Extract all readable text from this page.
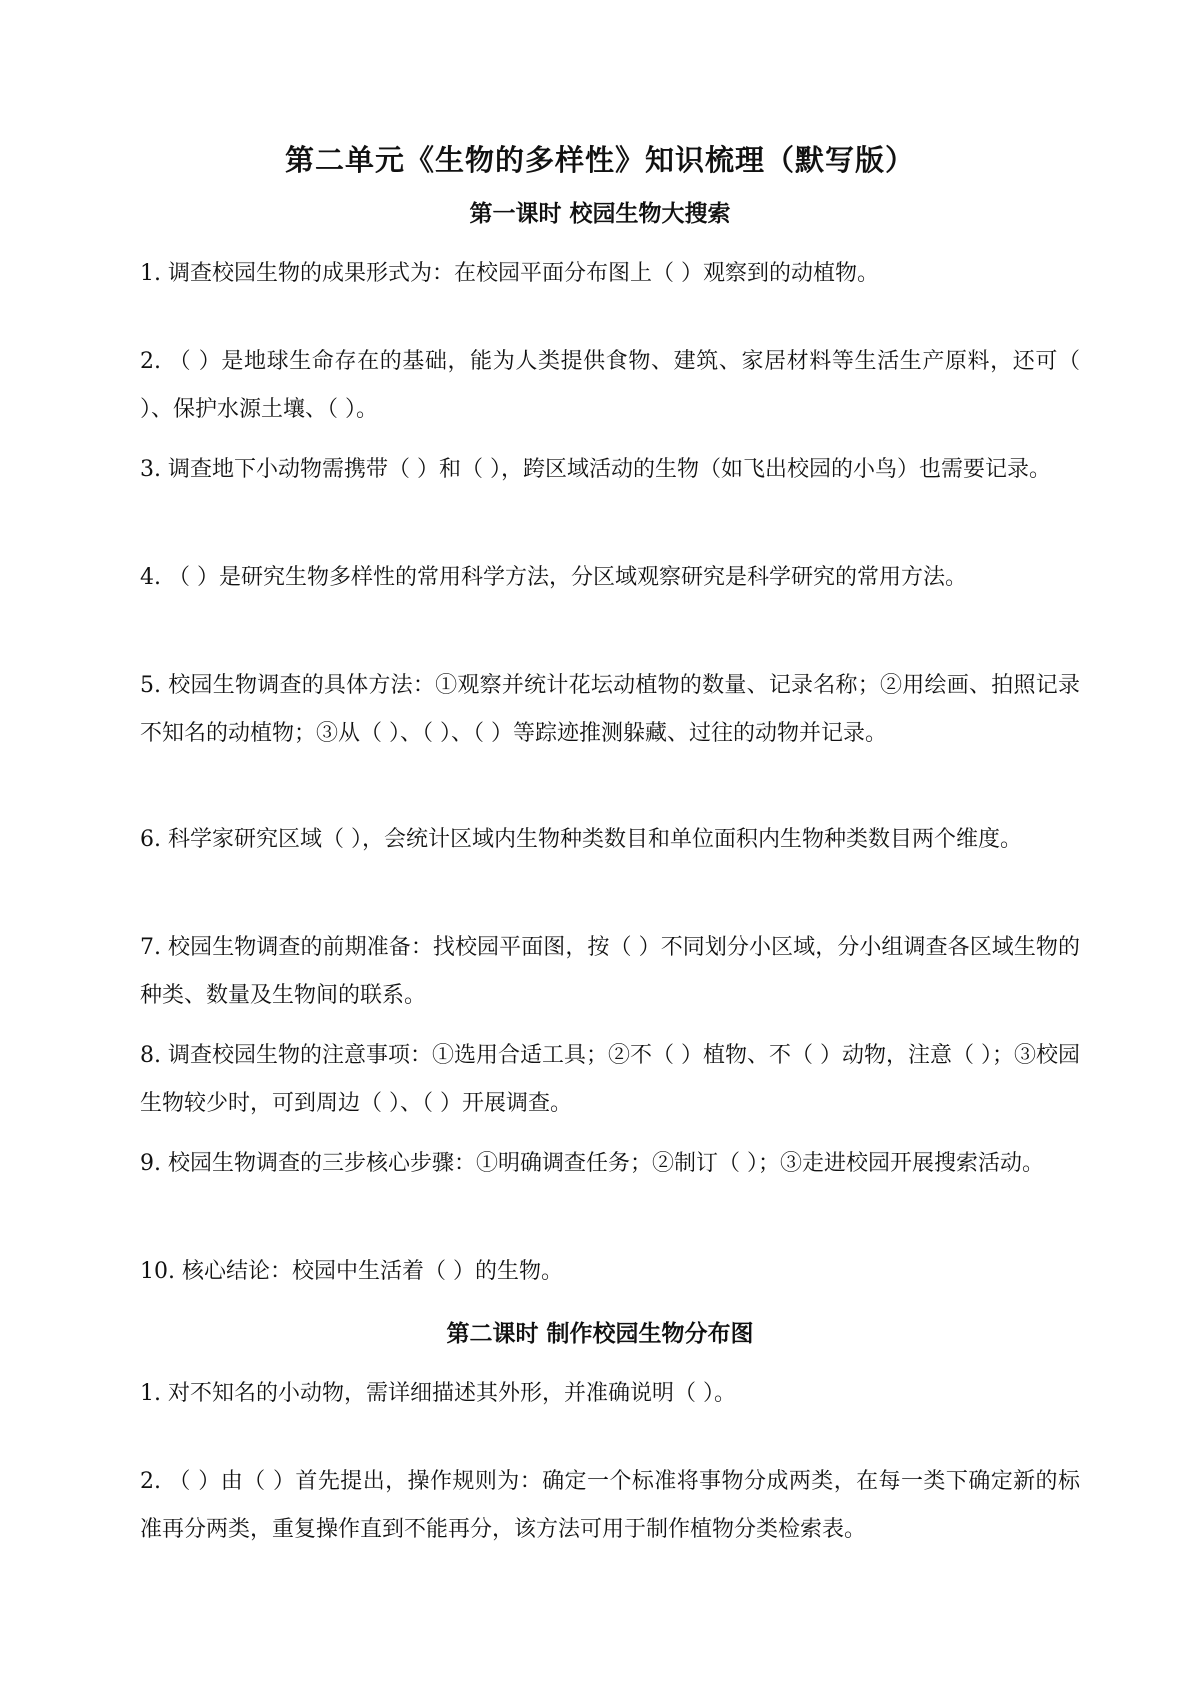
第二单元《生物的多样性》知识梳理（默写版）
第一课时 校园生物大搜索
1. 调查校园生物的成果形式为：在校园平面分布图上（ ）观察到的动植物。
2. （ ）是地球生命存在的基础，能为人类提供食物、建筑、家居材料等生活生产原料，还可（ ）、保护水源土壤、（ ）。
3. 调查地下小动物需携带（ ）和（ ），跨区域活动的生物（如飞出校园的小鸟）也需要记录。
4. （ ）是研究生物多样性的常用科学方法，分区域观察研究是科学研究的常用方法。
5. 校园生物调查的具体方法：①观察并统计花坛动植物的数量、记录名称；②用绘画、拍照记录不知名的动植物；③从（ ）、（ ）、（ ）等踪迹推测躲藏、过往的动物并记录。
6. 科学家研究区域（ ），会统计区域内生物种类数目和单位面积内生物种类数目两个维度。
7. 校园生物调查的前期准备：找校园平面图，按（ ）不同划分小区域，分小组调查各区域生物的种类、数量及生物间的联系。
8. 调查校园生物的注意事项：①选用合适工具；②不（ ）植物、不（ ）动物，注意（ ）；③校园生物较少时，可到周边（ ）、（ ）开展调查。
9. 校园生物调查的三步核心步骤：①明确调查任务；②制订（ ）；③走进校园开展搜索活动。
10. 核心结论：校园中生活着（ ）的生物。
第二课时 制作校园生物分布图
1. 对不知名的小动物，需详细描述其外形，并准确说明（ ）。
2. （ ）由（ ）首先提出，操作规则为：确定一个标准将事物分成两类，在每一类下确定新的标准再分两类，重复操作直到不能再分，该方法可用于制作植物分类检索表。
